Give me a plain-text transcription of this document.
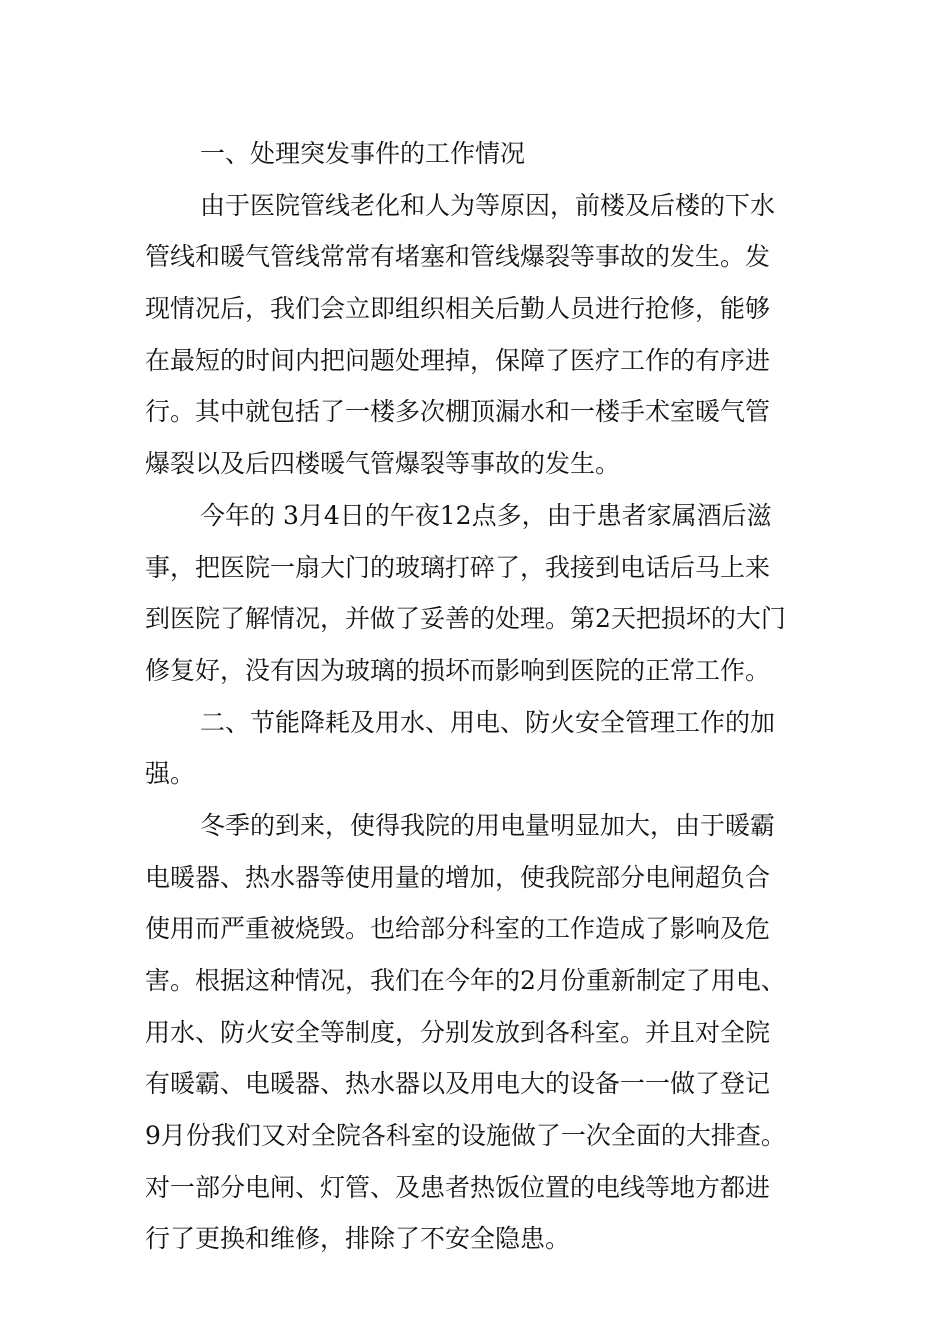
一、处理突发事件的工作情况
由于医院管线老化和人为等原因，前楼及后楼的下水
管线和暖气管线常常有堵塞和管线爆裂等事故的发生。发
现情况后，我们会立即组织相关后勤人员进行抢修，能够
在最短的时间内把问题处理掉，保障了医疗工作的有序进
行。其中就包括了一楼多次棚顶漏水和一楼手术室暖气管
爆裂以及后四楼暖气管爆裂等事故的发生。
今年的 3月4日的午夜12点多，由于患者家属酒后滋
事，把医院一扇大门的玻璃打碎了，我接到电话后马上来
到医院了解情况，并做了妥善的处理。第2天把损坏的大门
修复好，没有因为玻璃的损坏而影响到医院的正常工作。
二、节能降耗及用水、用电、防火安全管理工作的加
强。
冬季的到来，使得我院的用电量明显加大，由于暖霸
电暖器、热水器等使用量的增加，使我院部分电闸超负合
使用而严重被烧毁。也给部分科室的工作造成了影响及危
害。根据这种情况，我们在今年的2月份重新制定了用电、
用水、防火安全等制度，分别发放到各科室。并且对全院
有暖霸、电暖器、热水器以及用电大的设备一一做了登记
9月份我们又对全院各科室的设施做了一次全面的大排查。
对一部分电闸、灯管、及患者热饭位置的电线等地方都进
行了更换和维修，排除了不安全隐患。
